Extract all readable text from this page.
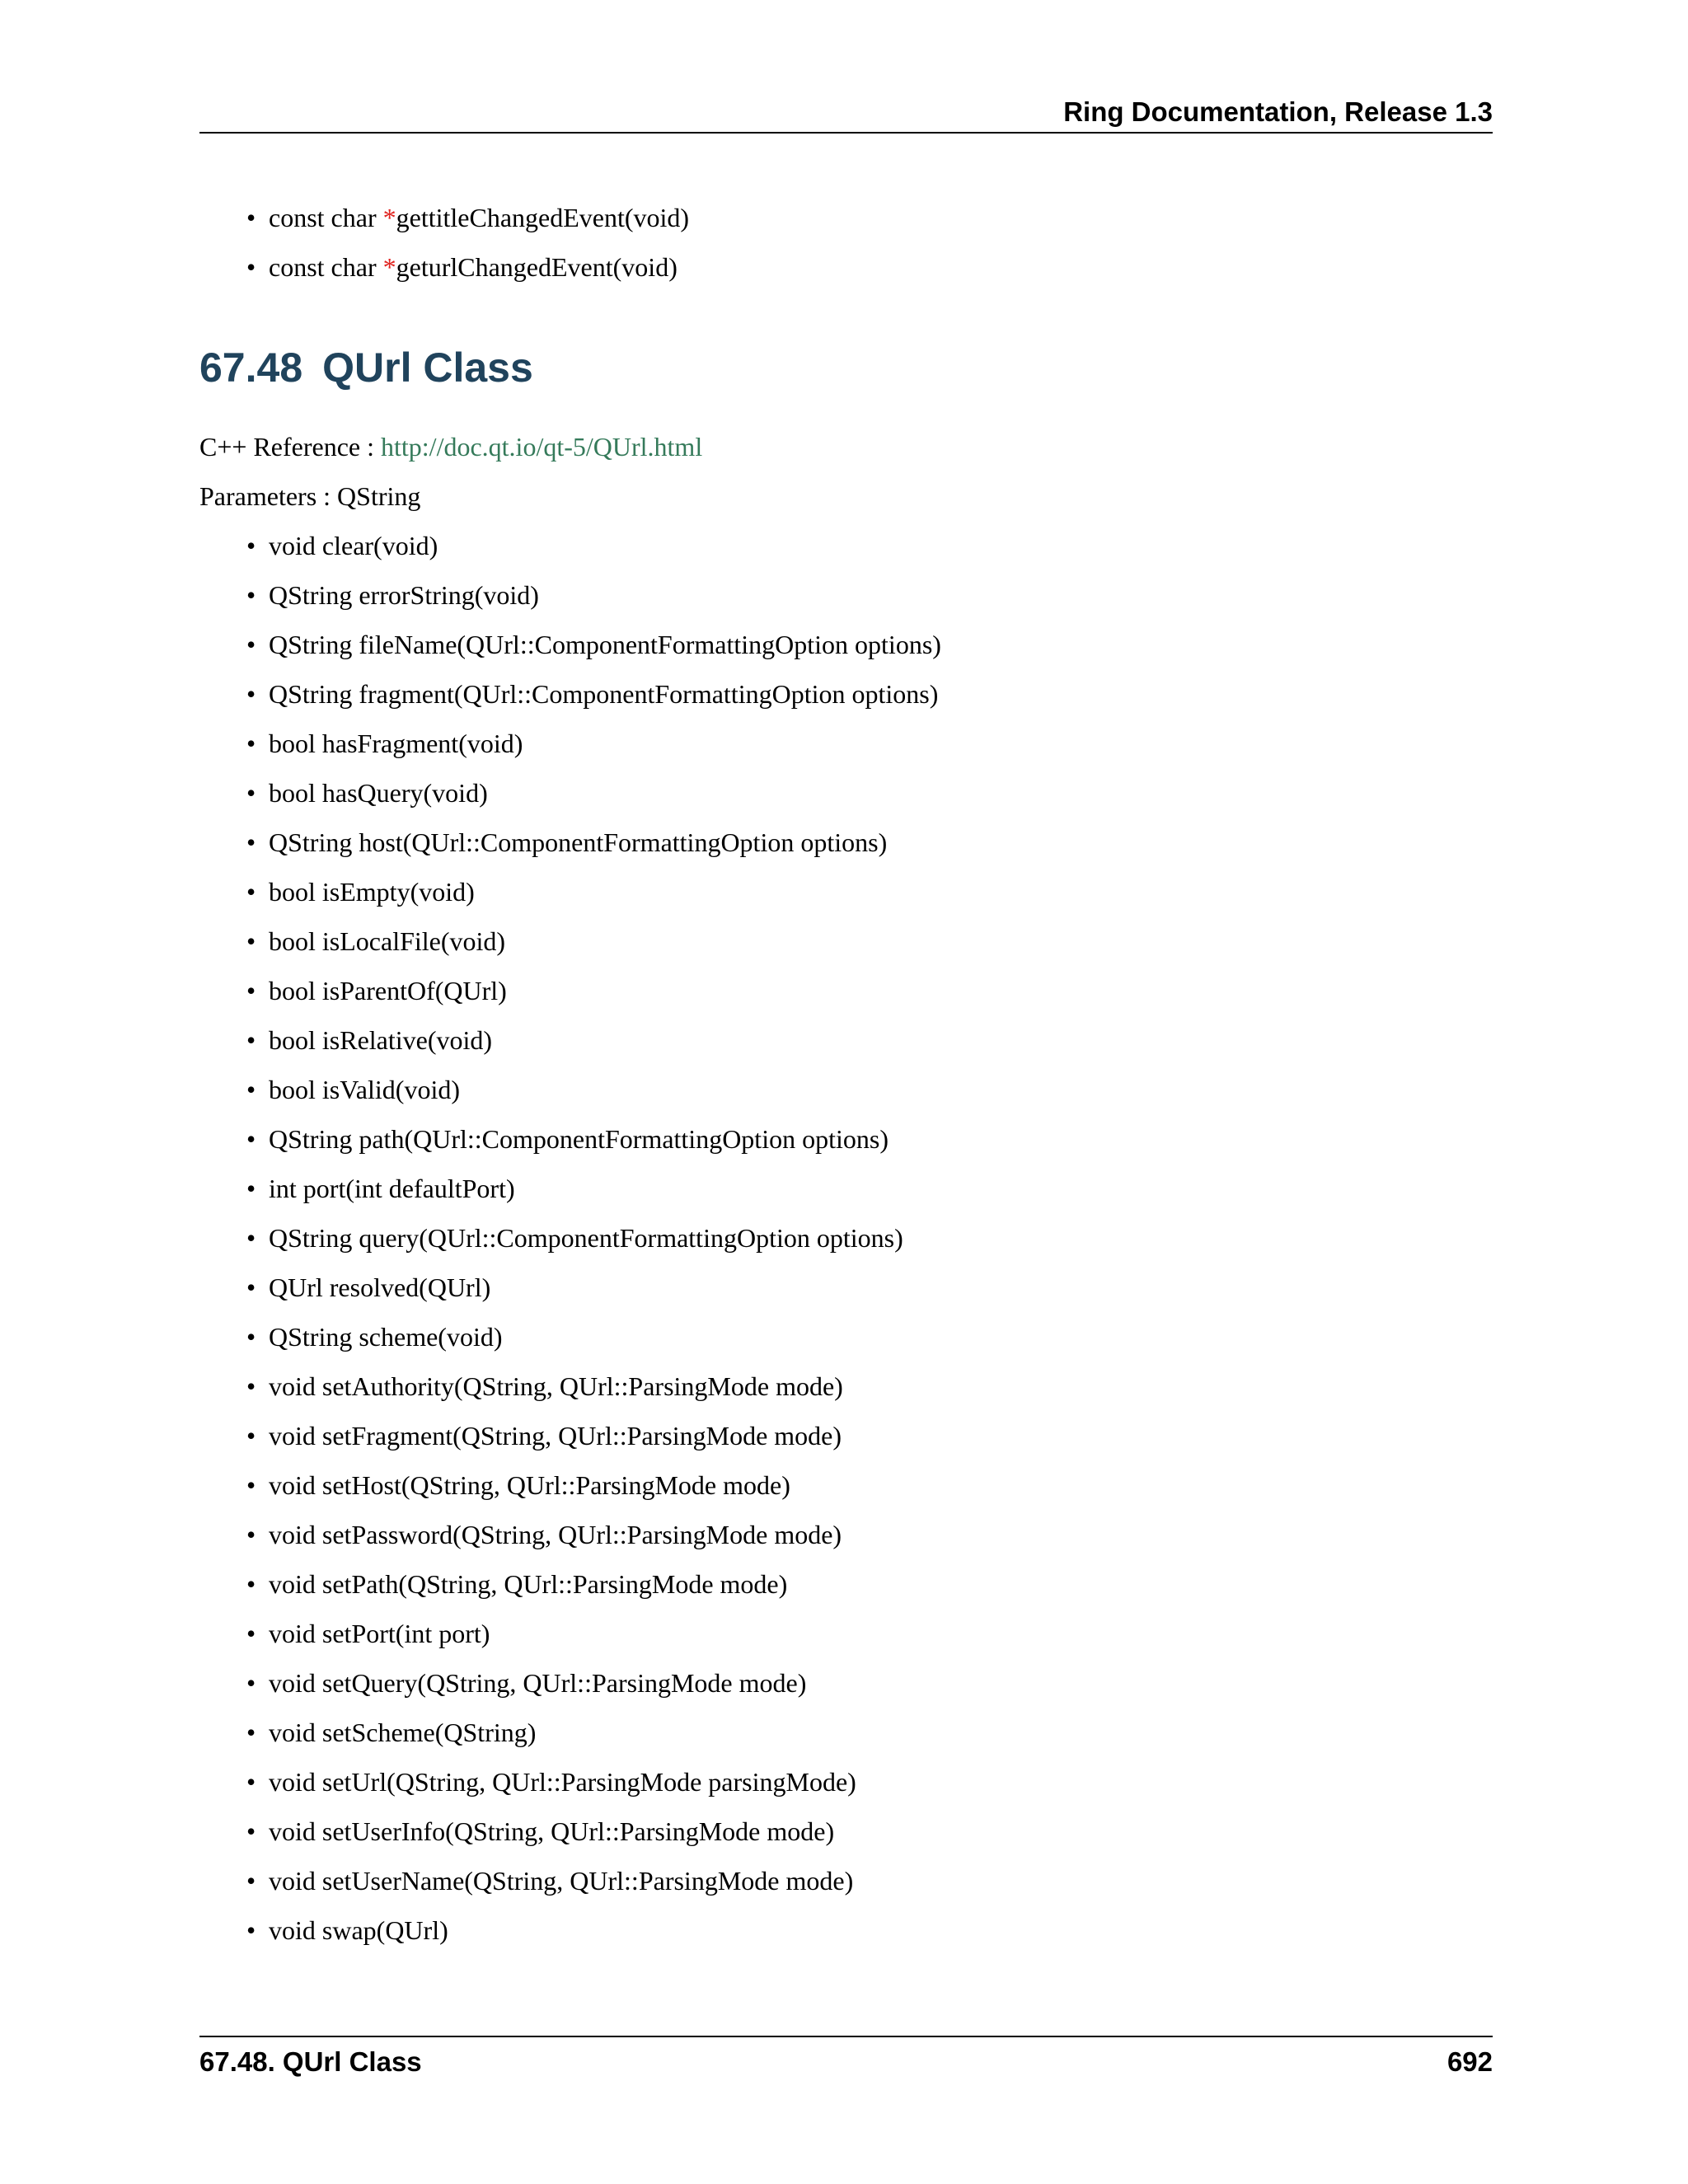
Ring Documentation, Release 1.3
• const char *gettitleChangedEvent(void)
• const char *geturlChangedEvent(void)
67.48 QUrl Class
C++ Reference : http://doc.qt.io/qt-5/QUrl.html
Parameters : QString
• void clear(void)
• QString errorString(void)
• QString fileName(QUrl::ComponentFormattingOption options)
• QString fragment(QUrl::ComponentFormattingOption options)
• bool hasFragment(void)
• bool hasQuery(void)
• QString host(QUrl::ComponentFormattingOption options)
• bool isEmpty(void)
• bool isLocalFile(void)
• bool isParentOf(QUrl)
• bool isRelative(void)
• bool isValid(void)
• QString path(QUrl::ComponentFormattingOption options)
• int port(int defaultPort)
• QString query(QUrl::ComponentFormattingOption options)
• QUrl resolved(QUrl)
• QString scheme(void)
• void setAuthority(QString, QUrl::ParsingMode mode)
• void setFragment(QString, QUrl::ParsingMode mode)
• void setHost(QString, QUrl::ParsingMode mode)
• void setPassword(QString, QUrl::ParsingMode mode)
• void setPath(QString, QUrl::ParsingMode mode)
• void setPort(int port)
• void setQuery(QString, QUrl::ParsingMode mode)
• void setScheme(QString)
• void setUrl(QString, QUrl::ParsingMode parsingMode)
• void setUserInfo(QString, QUrl::ParsingMode mode)
• void setUserName(QString, QUrl::ParsingMode mode)
• void swap(QUrl)
67.48. QUrl Class	692
